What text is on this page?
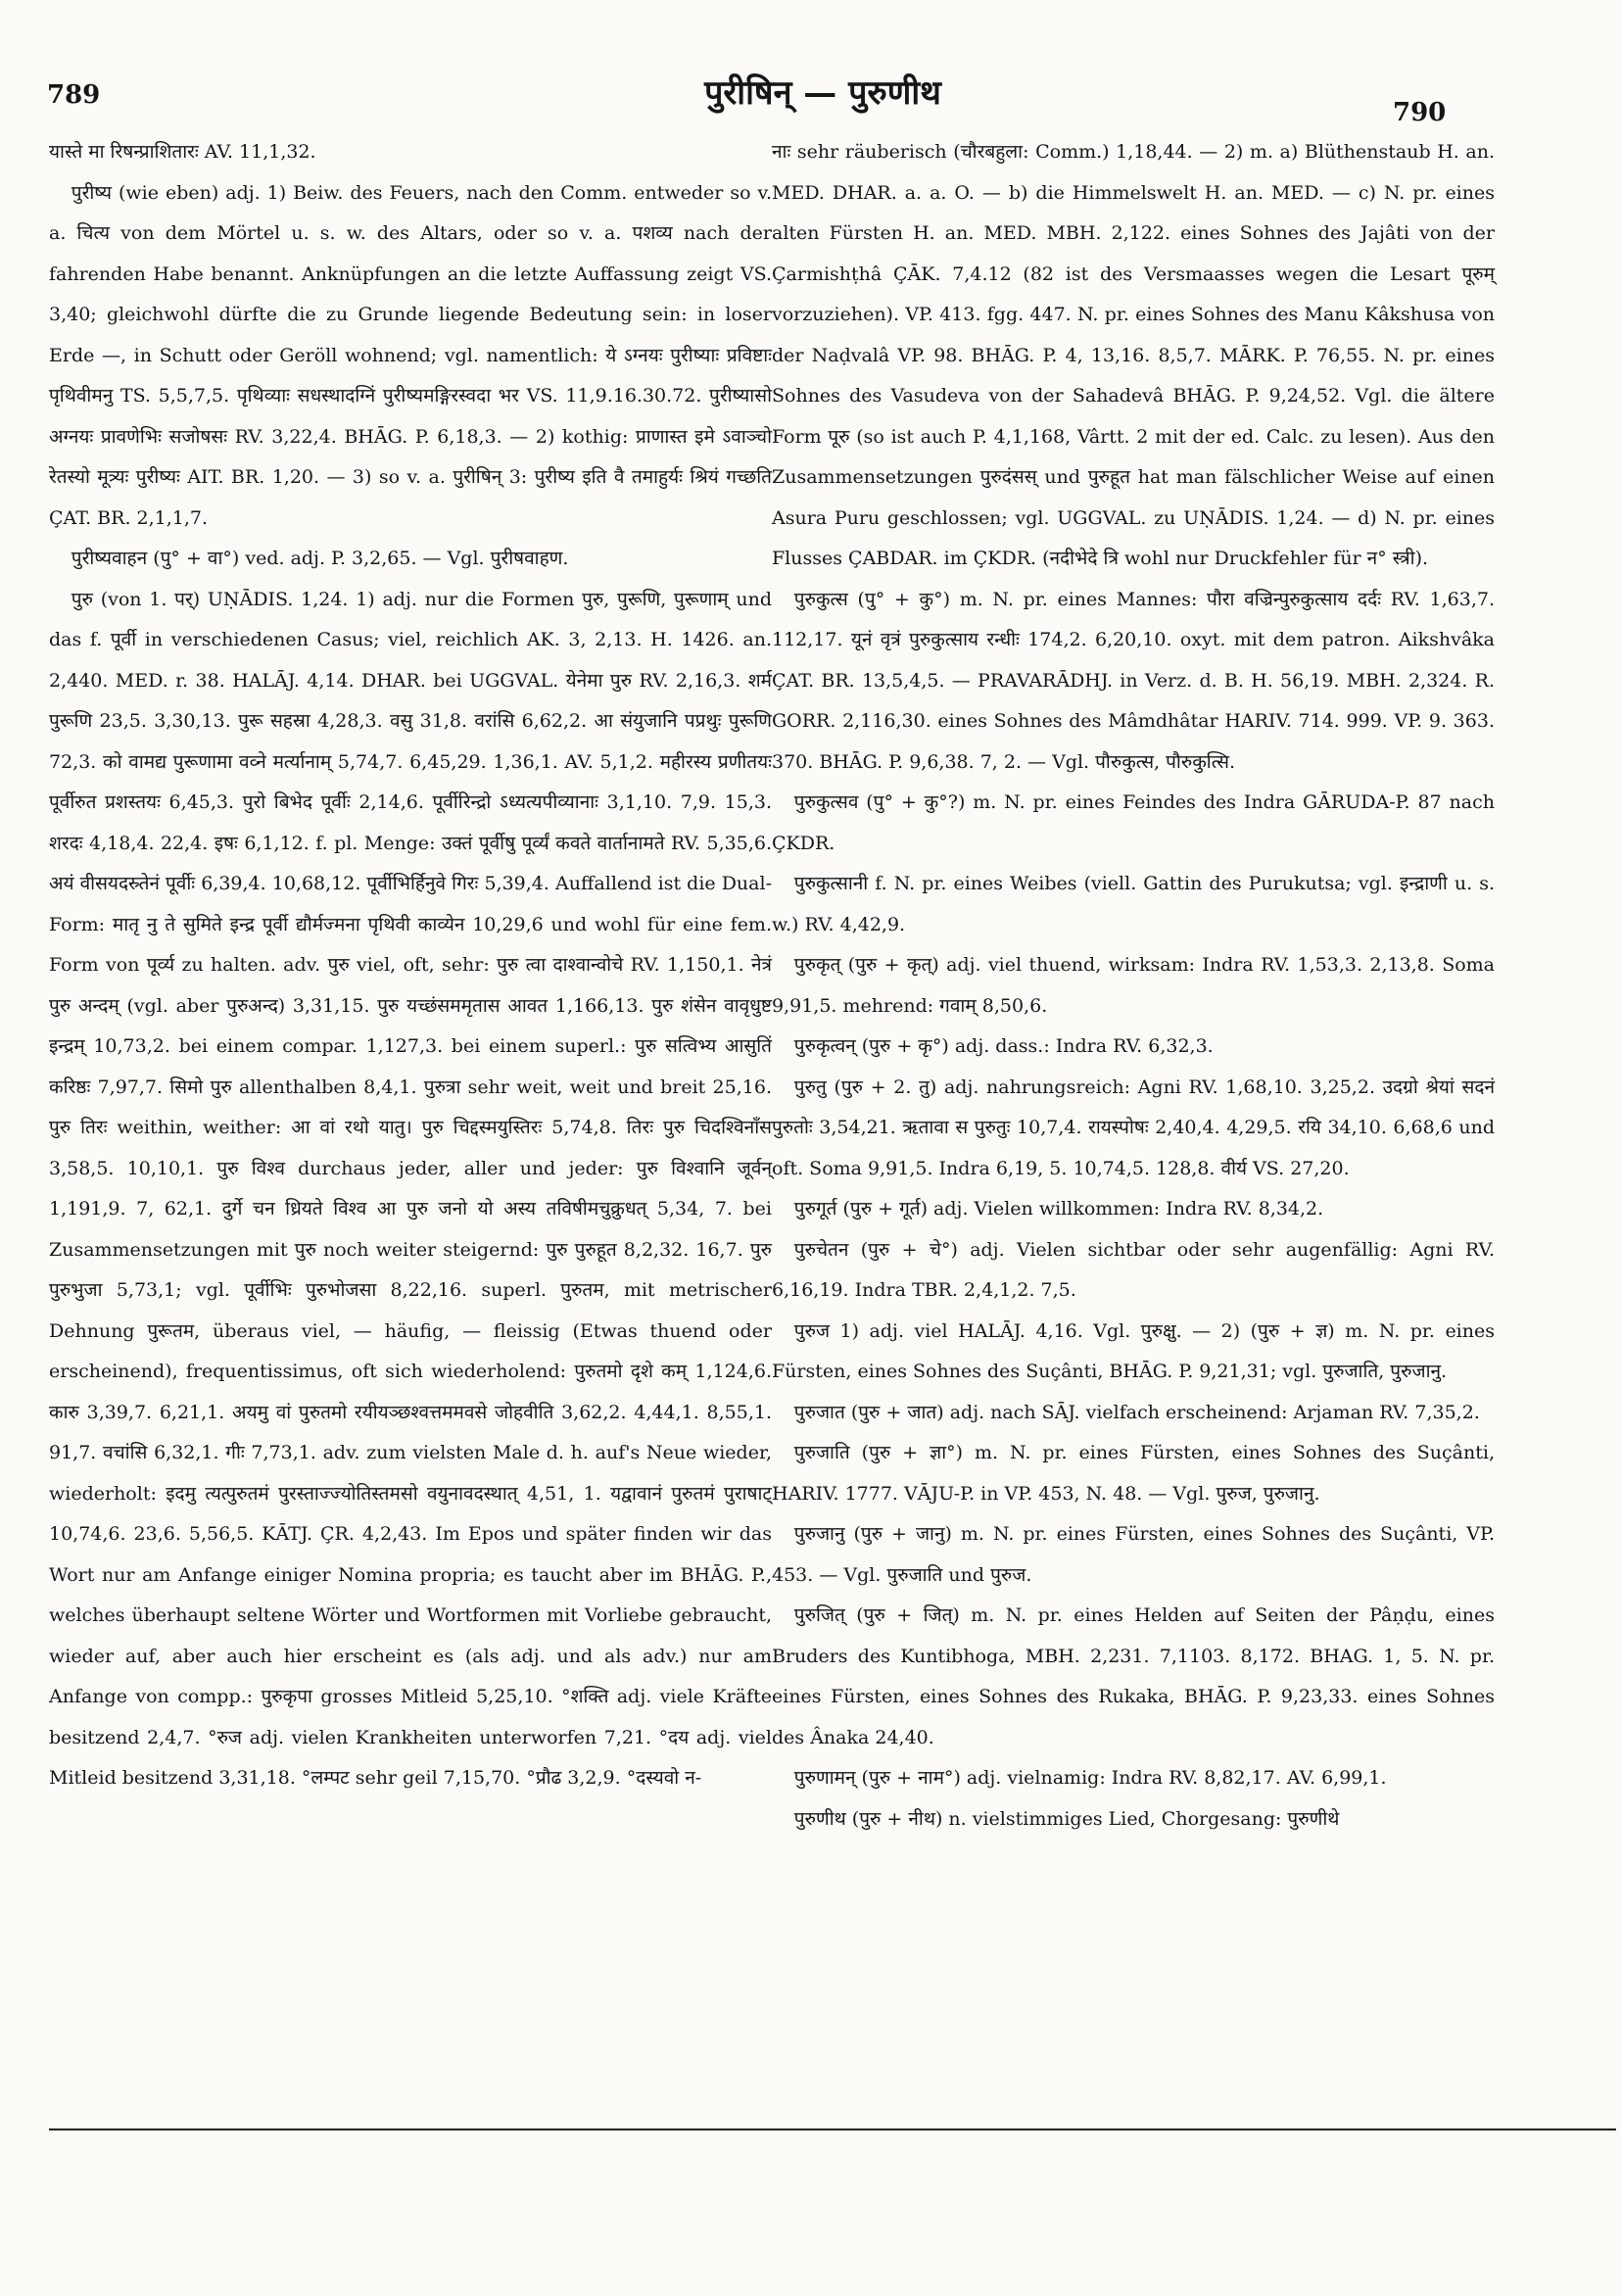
789	पुरीषिन् — पुरुणीथ	790

यास्ते मा रिषन्प्राशितारः AV. 11,1,32.

पुरीष्य (wie eben) adj. 1) Beiw. des Feuers, nach den Comm. entweder so v. a. चित्य von dem Mörtel u. s. w. des Altars, oder so v. a. पशव्य nach der fahrenden Habe benannt. Anknüpfungen an die letzte Auffassung zeigt VS. 3,40; gleichwohl dürfte die zu Grunde liegende Bedeutung sein: in loser Erde —, in Schutt oder Geröll wohnend; vgl. namentlich: ये ऽग्नयः पुरीष्याः प्रविष्टाः पृथिवीमनु TS. 5,5,7,5. पृथिव्याः सधस्थादग्निं पुरीष्यमङ्गिरस्वदा भर VS. 11,9.16.30.72. पुरीष्यासो अग्नयः प्रावणेभिः सजोषसः RV. 3,22,4. BHĀG. P. 6,18,3. — 2) kothig: प्राणास्त इमे ऽवाञ्चो रेतस्यो मूत्र्यः पुरीष्यः AIT. BR. 1,20. — 3) so v. a. पुरीषिन् 3: पुरीष्य इति वै तमाहुर्यः श्रियं गच्छति ÇAT. BR. 2,1,1,7.

पुरीष्यवाहन (पु° + वा°) ved. adj. P. 3,2,65. — Vgl. पुरीषवाहण.

पुरु (von 1. पर्) UṆĀDIS. 1,24. 1) adj. nur die Formen पुरु, पुरूणि, पुरूणाम् und das f. पूर्वी in verschiedenen Casus; viel, reichlich AK. 3, 2,13. H. 1426. an. 2,440. MED. r. 38. HALĀJ. 4,14. DHAR. bei UGGVAL. येनेमा पुरु RV. 2,16,3. शर्म पुरूणि 23,5. 3,30,13. पुरू सहस्रा 4,28,3. वसु 31,8. वरांसि 6,62,2. आ संयुजानि पप्रथुः पुरूणि 72,3. को वामद्य पुरूणामा वव्ने मर्त्यानाम् 5,74,7. 6,45,29. 1,36,1. AV. 5,1,2. महीरस्य प्रणीतयः पूर्वीरुत प्रशस्तयः 6,45,3. पुरो बिभेद पूर्वीः 2,14,6. पूर्वीरिन्द्रो ऽध्यत्यपीव्यानाः 3,1,10. 7,9. 15,3. शरदः 4,18,4. 22,4. इषः 6,1,12. f. pl. Menge: उक्तं पूर्वीषु पूर्व्यं कवते वार्तानामते RV. 5,35,6. अयं वीसयदस्र्तेनं पूर्वीः 6,39,4. 10,68,12. पूर्वीभिर्हिनुवे गिरः 5,39,4. Auffallend ist die Dual-Form: मातृ नु ते सुमिते इन्द्र पूर्वी द्यौर्मज्मना पृथिवी काव्येन 10,29,6 und wohl für eine fem. Form von पूर्व्य zu halten. adv. पुरु viel, oft, sehr: पुरु त्वा दाश्वान्वोचे RV. 1,150,1. नेत्रं पुरु अन्दम् (vgl. aber पुरुअन्द) 3,31,15. पुरु यच्छंसममृतास आवत 1,166,13. पुरु शंसेन वावृधुष्ट इन्द्रम् 10,73,2. bei einem compar. 1,127,3. bei einem superl.: पुरु सत्विभ्य आसुतिं करिष्ठः 7,97,7. सिमो पुरु allenthalben 8,4,1. पुरुत्रा sehr weit, weit und breit 25,16. पुरु तिरः weithin, weither: आ वां रथो यातु। पुरु चिद्दस्मयुस्तिरः 5,74,8. तिरः पुरु चिदश्विनाँस 3,58,5. 10,10,1. पुरु विश्व durchaus jeder, aller und jeder: पुरु विश्वानि जूर्वन् 1,191,9. 7, 62,1. दुर्गे चन ध्रियते विश्व आ पुरु जनो यो अस्य तविषीमचुक्रुधत् 5,34, 7. bei Zusammensetzungen mit पुरु noch weiter steigernd: पुरु पुरुहूत 8,2,32. 16,7. पुरु पुरुभुजा 5,73,1; vgl. पूर्वीभिः पुरुभोजसा 8,22,16. superl. पुरुतम, mit metrischer Dehnung पुरूतम, überaus viel, — häufig, — fleissig (Etwas thuend oder erscheinend), frequentissimus, oft sich wiederholend: पुरुतमो दृशे कम् 1,124,6. कारु 3,39,7. 6,21,1. अयमु वां पुरुतमो रयीयञ्छश्वत्तममवसे जोहवीति 3,62,2. 4,44,1. 8,55,1. 91,7. वचांसि 6,32,1. गीः 7,73,1. adv. zum vielsten Male d. h. auf's Neue wieder, wiederholt: इदमु त्यत्पुरुतमं पुरस्ताज्ज्योतिस्तमसो वयुनावदस्थात् 4,51, 1. यद्वावानं पुरुतमं पुराषाट् 10,74,6. 23,6. 5,56,5. KĀTJ. ÇR. 4,2,43. Im Epos und später finden wir das Wort nur am Anfange einiger Nomina propria; es taucht aber im BHĀG. P., welches überhaupt seltene Wörter und Wortformen mit Vorliebe gebraucht, wieder auf, aber auch hier erscheint es (als adj. und als adv.) nur am Anfange von compp.: पुरुकृपा grosses Mitleid 5,25,10. °शक्ति adj. viele Kräfte besitzend 2,4,7. °रुज adj. vielen Krankheiten unterworfen 7,21. °दय adj. viel Mitleid besitzend 3,31,18. °लम्पट sehr geil 7,15,70. °प्रौढ 3,2,9. °दस्यवो न-

नाः sehr räuberisch (चौरबहुला: Comm.) 1,18,44. — 2) m. a) Blüthenstaub H. an. MED. DHAR. a. a. O. — b) die Himmelswelt H. an. MED. — c) N. pr. eines alten Fürsten H. an. MED. MBH. 2,122. eines Sohnes des Jajâti von der Çarmishṭhâ ÇĀK. 7,4.12 (82 ist des Versmaasses wegen die Lesart पूरुम् vorzuziehen). VP. 413. fgg. 447. N. pr. eines Sohnes des Manu Kâkshusa von der Naḍvalâ VP. 98. BHĀG. P. 4, 13,16. 8,5,7. MĀRK. P. 76,55. N. pr. eines Sohnes des Vasudeva von der Sahadevâ BHĀG. P. 9,24,52. Vgl. die ältere Form पूरु (so ist auch P. 4,1,168, Vârtt. 2 mit der ed. Calc. zu lesen). Aus den Zusammensetzungen पुरुदंसस् und पुरुहूत hat man fälschlicher Weise auf einen Asura Puru geschlossen; vgl. UGGVAL. zu UṆĀDIS. 1,24. — d) N. pr. eines Flusses ÇABDAR. im ÇKDR. (नदीभेदे त्रि wohl nur Druckfehler für न° स्त्री).

पुरुकुत्स (पु° + कु°) m. N. pr. eines Mannes: पौरा वज्रिन्पुरुकुत्साय दर्दः RV. 1,63,7. 112,17. यूनं वृत्रं पुरुकुत्साय रन्धीः 174,2. 6,20,10. oxyt. mit dem patron. Aikshvâka ÇAT. BR. 13,5,4,5. — PRAVARĀDHJ. in Verz. d. B. H. 56,19. MBH. 2,324. R. GORR. 2,116,30. eines Sohnes des Mâmdhâtar HARIV. 714. 999. VP. 9. 363. 370. BHĀG. P. 9,6,38. 7, 2. — Vgl. पौरुकुत्स, पौरुकुत्सि.

पुरुकुत्सव (पु° + कु°?) m. N. pr. eines Feindes des Indra GĀRUDA-P. 87 nach ÇKDR.

पुरुकुत्सानी f. N. pr. eines Weibes (viell. Gattin des Purukutsa; vgl. इन्द्राणी u. s. w.) RV. 4,42,9.

पुरुकृत् (पुरु + कृत्) adj. viel thuend, wirksam: Indra RV. 1,53,3. 2,13,8. Soma 9,91,5. mehrend: गवाम् 8,50,6.

पुरुकृत्वन् (पुरु + कृ°) adj. dass.: Indra RV. 6,32,3.

पुरुतु (पुरु + 2. तु) adj. nahrungsreich: Agni RV. 1,68,10. 3,25,2. उदग्रो श्रेयां सदनं पुरुतोः 3,54,21. ऋतावा स पुरुतुः 10,7,4. रायस्पोषः 2,40,4. 4,29,5. रयि 34,10. 6,68,6 und oft. Soma 9,91,5. Indra 6,19, 5. 10,74,5. 128,8. वीर्य VS. 27,20.

पुरुगूर्त (पुरु + गूर्त) adj. Vielen willkommen: Indra RV. 8,34,2.

पुरुचेतन (पुरु + चे°) adj. Vielen sichtbar oder sehr augenfällig: Agni RV. 6,16,19. Indra TBR. 2,4,1,2. 7,5.

पुरुज 1) adj. viel HALĀJ. 4,16. Vgl. पुरुक्षु. — 2) (पुरु + ज्ञ) m. N. pr. eines Fürsten, eines Sohnes des Suçânti, BHĀG. P. 9,21,31; vgl. पुरुजाति, पुरुजानु.

पुरुजात (पुरु + जात) adj. nach SĀJ. vielfach erscheinend: Arjaman RV. 7,35,2.

पुरुजाति (पुरु + ज्ञा°) m. N. pr. eines Fürsten, eines Sohnes des Suçânti, HARIV. 1777. VĀJU-P. in VP. 453, N. 48. — Vgl. पुरुज, पुरुजानु.

पुरुजानु (पुरु + जानु) m. N. pr. eines Fürsten, eines Sohnes des Suçânti, VP. 453. — Vgl. पुरुजाति und पुरुज.

पुरुजित् (पुरु + जित्) m. N. pr. eines Helden auf Seiten der Pâṇḍu, eines Bruders des Kuntibhoga, MBH. 2,231. 7,1103. 8,172. BHAG. 1, 5. N. pr. eines Fürsten, eines Sohnes des Rukaka, BHĀG. P. 9,23,33. eines Sohnes des Ânaka 24,40.

पुरुणामन् (पुरु + नाम°) adj. vielnamig: Indra RV. 8,82,17. AV. 6,99,1.

पुरुणीथ (पुरु + नीथ) n. vielstimmiges Lied, Chorgesang: पुरुणीथे
